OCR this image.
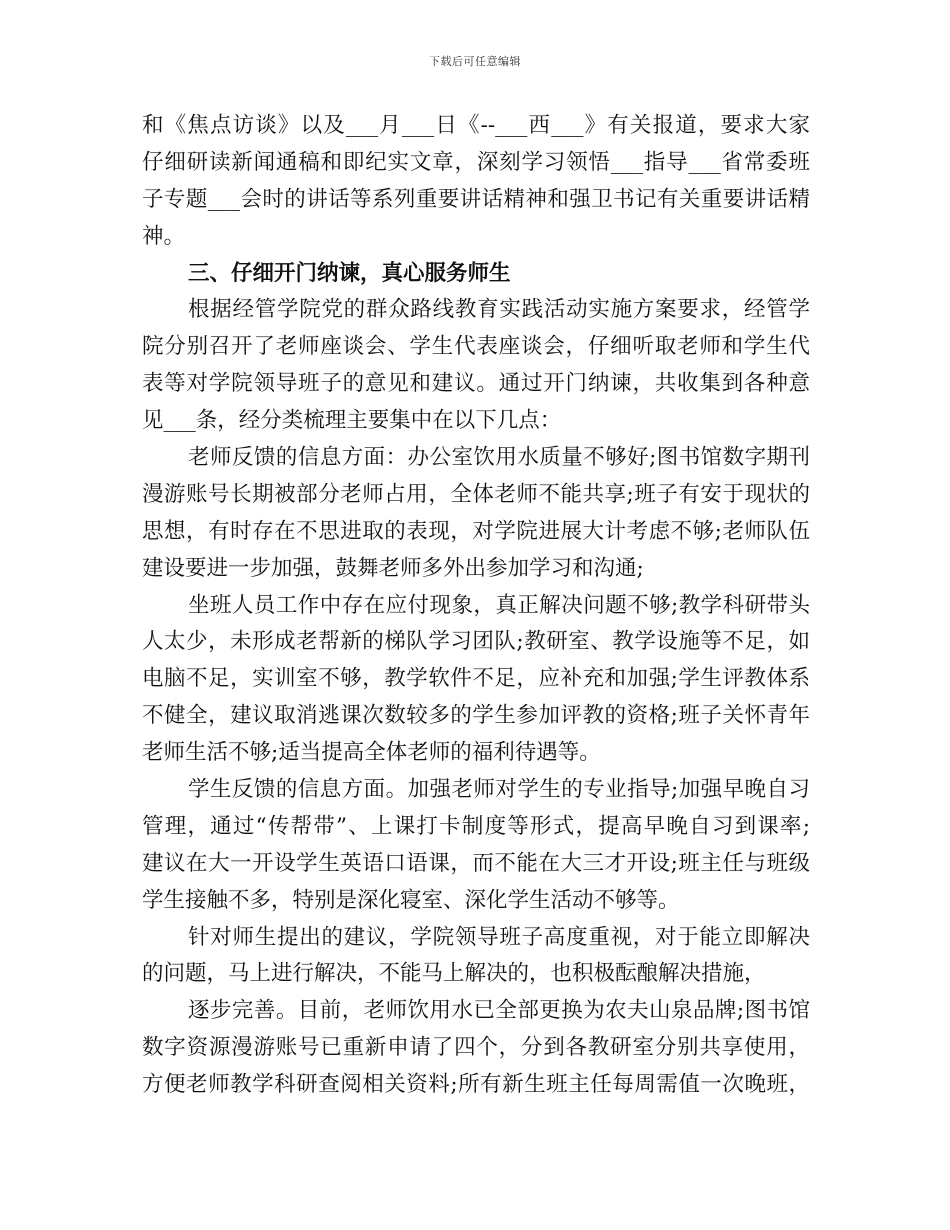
下载后可任意编辑
和《焦点访谈》以及___月___日《--___西___》有关报道，要求大家
仔细研读新闻通稿和即纪实文章，深刻学习领悟___指导___省常委班
子专题___会时的讲话等系列重要讲话精神和强卫书记有关重要讲话精
神。
三、仔细开门纳谏，真心服务师生
根据经管学院党的群众路线教育实践活动实施方案要求，经管学
院分别召开了老师座谈会、学生代表座谈会，仔细听取老师和学生代
表等对学院领导班子的意见和建议。通过开门纳谏，共收集到各种意
见___条，经分类梳理主要集中在以下几点：
老师反馈的信息方面：办公室饮用水质量不够好;图书馆数字期刊
漫游账号长期被部分老师占用，全体老师不能共享;班子有安于现状的
思想，有时存在不思进取的表现，对学院进展大计考虑不够;老师队伍
建设要进一步加强，鼓舞老师多外出参加学习和沟通;
坐班人员工作中存在应付现象，真正解决问题不够;教学科研带头
人太少，未形成老帮新的梯队学习团队;教研室、教学设施等不足，如
电脑不足，实训室不够，教学软件不足，应补充和加强;学生评教体系
不健全，建议取消逃课次数较多的学生参加评教的资格;班子关怀青年
老师生活不够;适当提高全体老师的福利待遇等。
学生反馈的信息方面。加强老师对学生的专业指导;加强早晚自习
管理，通过“传帮带”、上课打卡制度等形式，提高早晚自习到课率;
建议在大一开设学生英语口语课，而不能在大三才开设;班主任与班级
学生接触不多，特别是深化寝室、深化学生活动不够等。
针对师生提出的建议，学院领导班子高度重视，对于能立即解决
的问题，马上进行解决，不能马上解决的，也积极酝酿解决措施，
逐步完善。目前，老师饮用水已全部更换为农夫山泉品牌;图书馆
数字资源漫游账号已重新申请了四个，分到各教研室分别共享使用，
方便老师教学科研查阅相关资料;所有新生班主任每周需值一次晚班，
